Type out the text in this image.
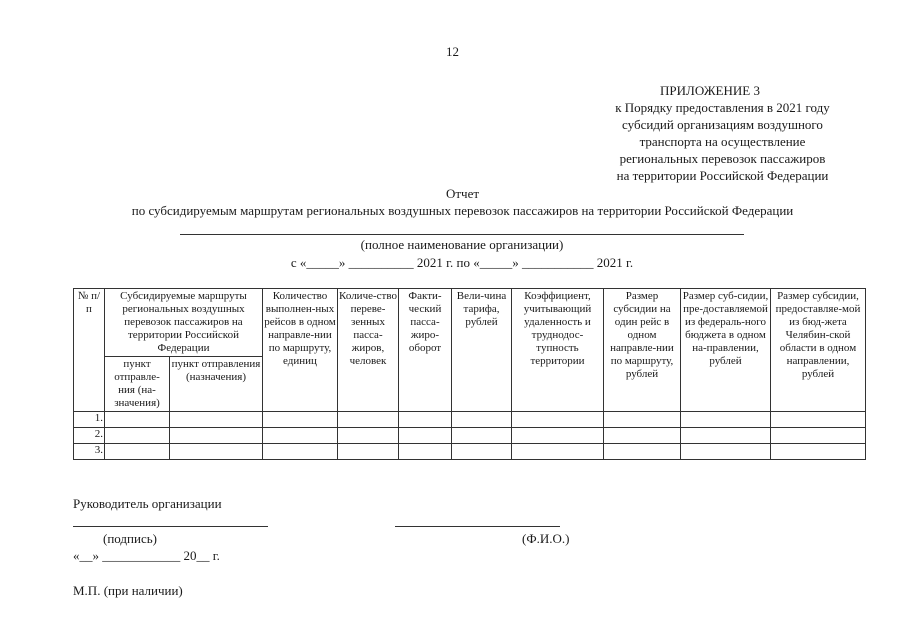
12
ПРИЛОЖЕНИЕ 3
к Порядку предоставления в 2021 году
субсидий организациям воздушного
транспорта на осуществление
региональных перевозок пассажиров
на территории Российской Федерации
Отчет
по субсидируемым маршрутам региональных воздушных перевозок пассажиров на территории Российской Федерации
(полное наименование организации)
с «_____» __________ 2021 г. по «_____» ___________ 2021 г.
№ п/п	Субсидируемые маршруты региональных воздушных перевозок пассажиров на территории Российской Федерации		Количество выполнен-ных рейсов в одном направле-нии по маршруту, единиц	Количе-ство перeве-зенных пасса-жиров, человек	Факти-ческий пасса-жиро-оборот	Вели-чина тарифа, рублей	Коэффициент, учитывающий удаленность и труднодос-тупность территории	Размер субсидии на один рейс в одном направле-нии по маршруту, рублей	Размер суб-сидии, пре-доставляемой из федераль-ного бюджета в одном на-правлении, рублей	Размер субсидии, предоставляе-мой из бюд-жета Челябин-ской области в одном направлении, рублей
	пункт отправле-ния (на-значения)	пункт отправления (назначения)								
1.										
2.										
3.										
Руководитель организации
(подпись)	(Ф.И.О.)
«__» ____________ 20__ г.
М.П. (при наличии)
